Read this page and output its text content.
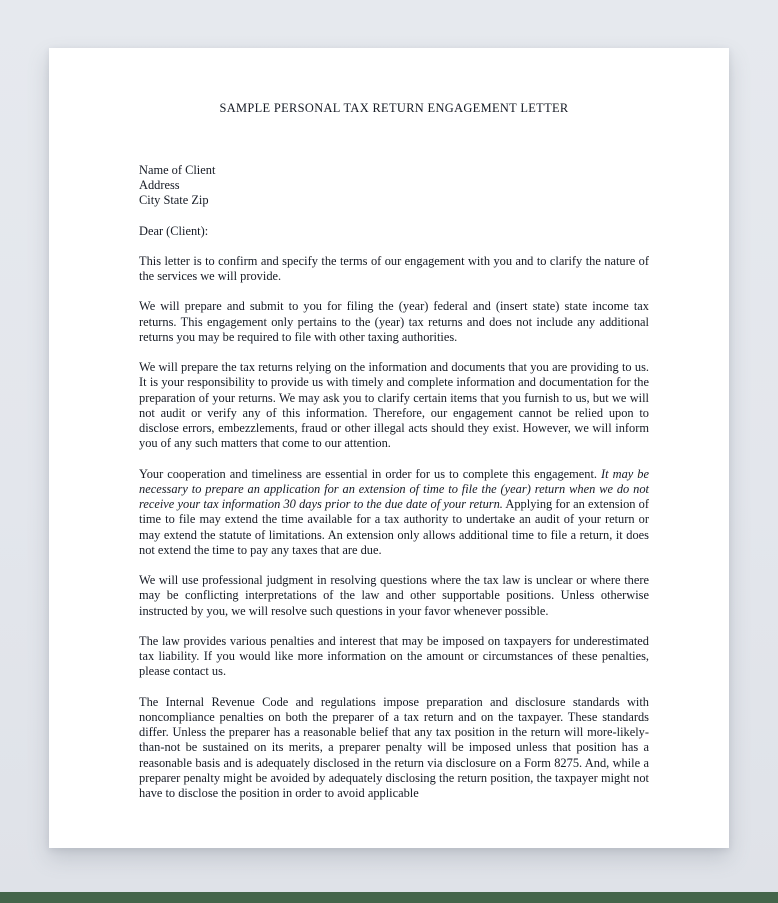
SAMPLE PERSONAL TAX RETURN ENGAGEMENT LETTER
Name of Client
Address
City State Zip
Dear (Client):

This letter is to confirm and specify the terms of our engagement with you and to clarify the nature of the services we will provide.

We will prepare and submit to you for filing the (year) federal and (insert state) state income tax returns. This engagement only pertains to the (year) tax returns and does not include any additional returns you may be required to file with other taxing authorities.

We will prepare the tax returns relying on the information and documents that you are providing to us. It is your responsibility to provide us with timely and complete information and documentation for the preparation of your returns. We may ask you to clarify certain items that you furnish to us, but we will not audit or verify any of this information. Therefore, our engagement cannot be relied upon to disclose errors, embezzlements, fraud or other illegal acts should they exist. However, we will inform you of any such matters that come to our attention.

Your cooperation and timeliness are essential in order for us to complete this engagement. It may be necessary to prepare an application for an extension of time to file the (year) return when we do not receive your tax information 30 days prior to the due date of your return. Applying for an extension of time to file may extend the time available for a tax authority to undertake an audit of your return or may extend the statute of limitations. An extension only allows additional time to file a return, it does not extend the time to pay any taxes that are due.

We will use professional judgment in resolving questions where the tax law is unclear or where there may be conflicting interpretations of the law and other supportable positions. Unless otherwise instructed by you, we will resolve such questions in your favor whenever possible.

The law provides various penalties and interest that may be imposed on taxpayers for underestimated tax liability. If you would like more information on the amount or circumstances of these penalties, please contact us.

The Internal Revenue Code and regulations impose preparation and disclosure standards with noncompliance penalties on both the preparer of a tax return and on the taxpayer. These standards differ. Unless the preparer has a reasonable belief that any tax position in the return will more-likely-than-not be sustained on its merits, a preparer penalty will be imposed unless that position has a reasonable basis and is adequately disclosed in the return via disclosure on a Form 8275. And, while a preparer penalty might be avoided by adequately disclosing the return position, the taxpayer might not have to disclose the position in order to avoid applicable
